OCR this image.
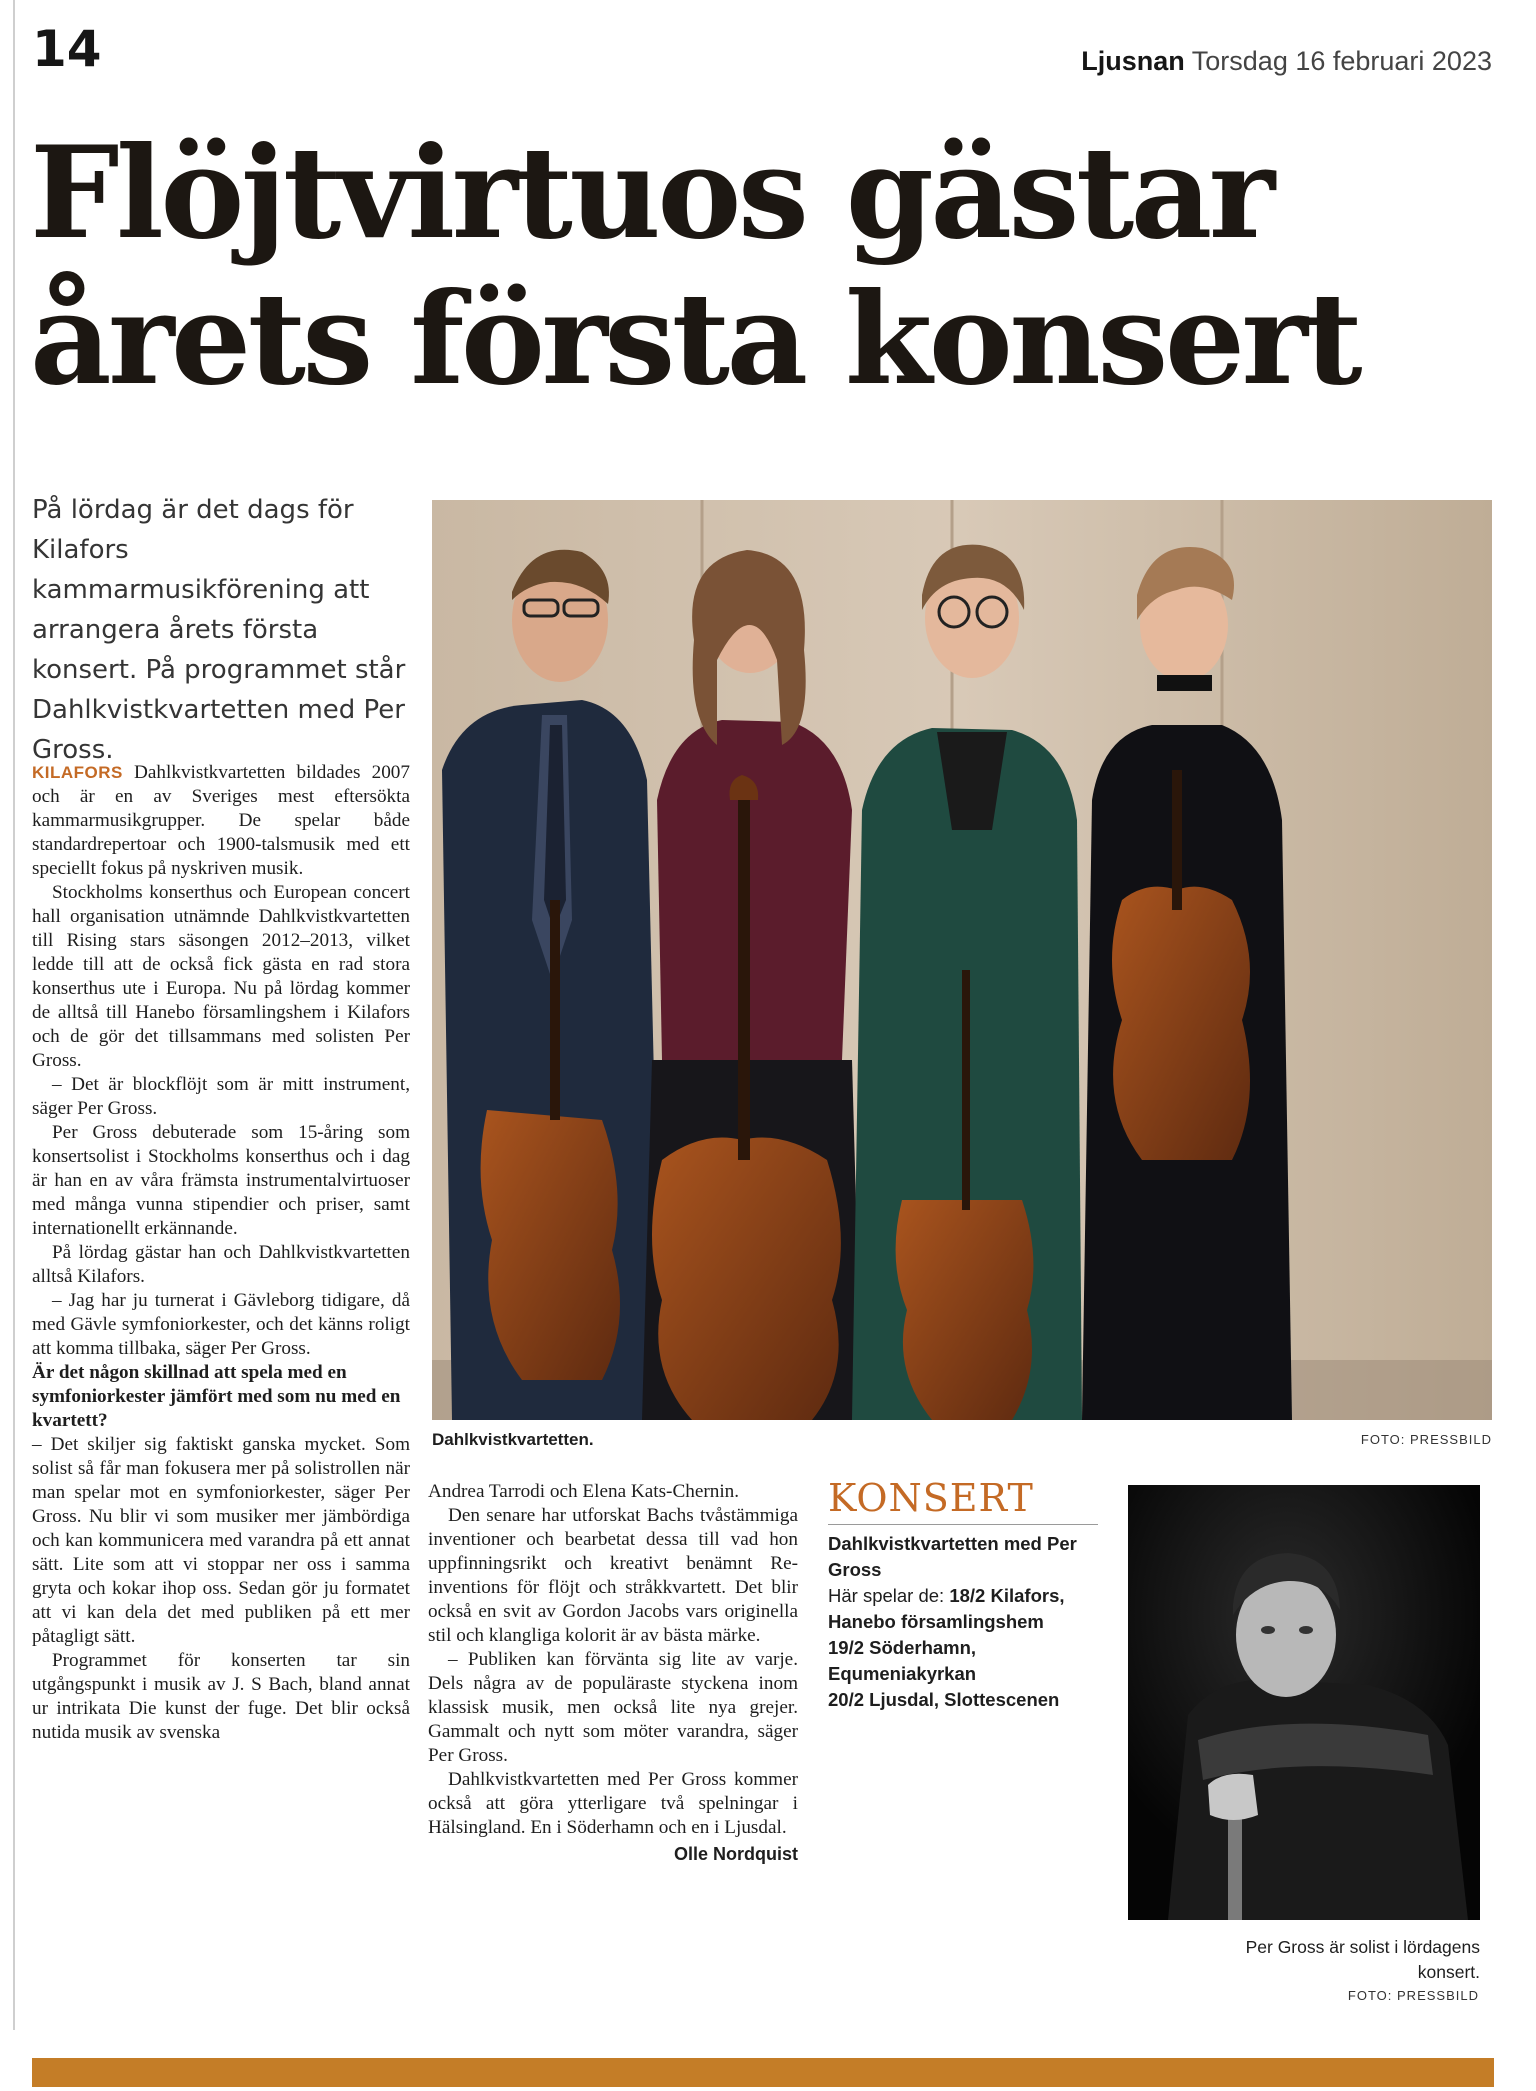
14	Ljusnan Torsdag 16 februari 2023
Flöjtvirtuos gästar
årets första konsert

På lördag är det dags för Kilafors kammarmusikförening att arrangera årets första konsert. På programmet står Dahlkvistkvartetten med Per Gross.

KILAFORS Dahlkvistkvartetten bildades 2007 och är en av Sveriges mest eftersökta kammarmusikgrupper. De spelar både standardrepertoar och 1900-talsmusik med ett speciellt fokus på nyskriven musik.

Stockholms konserthus och European concert hall organisation utnämnde Dahlkvistkvartetten till Rising stars säsongen 2012–2013, vilket ledde till att de också fick gästa en rad stora konserthus ute i Europa. Nu på lördag kommer de alltså till Hanebo församlingshem i Kilafors och de gör det tillsammans med solisten Per Gross.

– Det är blockflöjt som är mitt instrument, säger Per Gross.

Per Gross debuterade som 15-åring som konsertsolist i Stockholms konserthus och i dag är han en av våra främsta instrumentalvirtuoser med många vunna stipendier och priser, samt internationellt erkännande.

På lördag gästar han och Dahlkvistkvartetten alltså Kilafors.

– Jag har ju turnerat i Gävleborg tidigare, då med Gävle symfoniorkester, och det känns roligt att komma tillbaka, säger Per Gross.

Är det någon skillnad att spela med en symfoniorkester jämfört med som nu med en kvartett?

– Det skiljer sig faktiskt ganska mycket. Som solist så får man fokusera mer på solistrollen när man spelar mot en symfoniorkester, säger Per Gross. Nu blir vi som musiker mer jämbördiga och kan kommunicera med varandra på ett annat sätt. Lite som att vi stoppar ner oss i samma gryta och kokar ihop oss. Sedan gör ju formatet att vi kan dela det med publiken på ett mer påtagligt sätt.

Programmet för konserten tar sin utgångspunkt i musik av J. S Bach, bland annat ur intrikata Die kunst der fuge. Det blir också nutida musik av svenska

Andrea Tarrodi och Elena Kats-Chernin.

Den senare har utforskat Bachs tvåstämmiga inventioner och bearbetat dessa till vad hon uppfinningsrikt och kreativt benämnt Re-inventions för flöjt och stråkkvartett. Det blir också en svit av Gordon Jacobs vars originella stil och klangliga kolorit är av bästa märke.

– Publiken kan förvänta sig lite av varje. Dels några av de populäraste styckena inom klassisk musik, men också lite nya grejer. Gammalt och nytt som möter varandra, säger Per Gross.

Dahlkvistkvartetten med Per Gross kommer också att göra ytterligare två spelningar i Hälsingland. En i Söderhamn och en i Ljusdal.

Olle Nordquist
Dahlkvistkvartetten.	FOTO: PRESSBILD
KONSERT
Dahlkvistkvartetten med Per Gross
Här spelar de: 18/2 Kilafors, Hanebo församlingshem
19/2 Söderhamn, Equmeniakyrkan
20/2 Ljusdal, Slottescenen
Per Gross är solist i lördagens konsert.
FOTO: PRESSBILD
